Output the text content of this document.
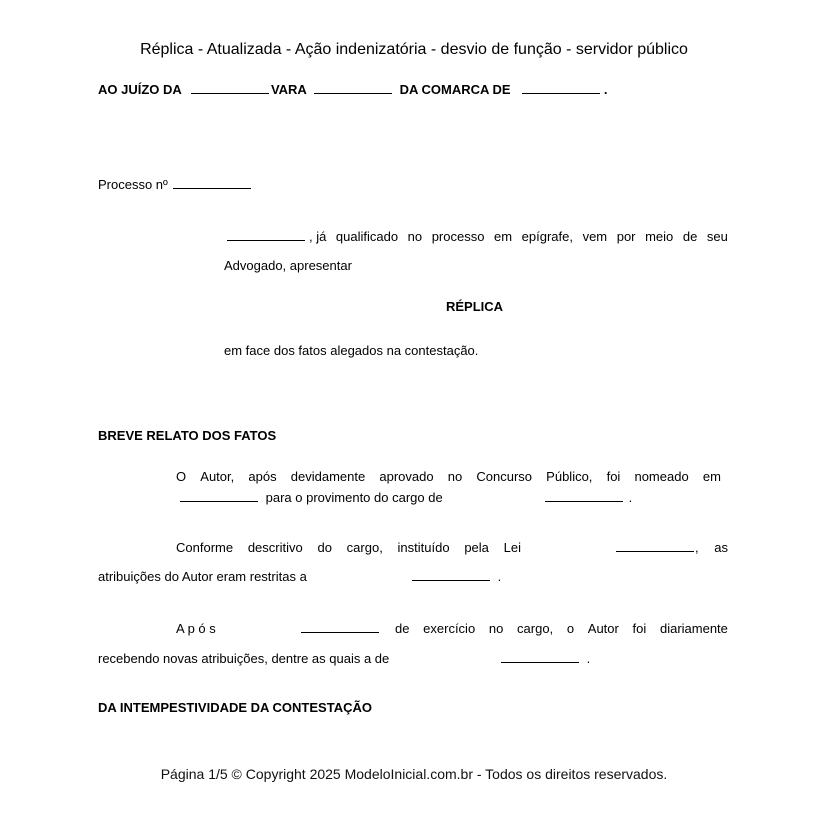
Réplica - Atualizada - Ação indenizatória - desvio de função - servidor público
AO JUÍZO DA	VARA	DA COMARCA DE	.
Processo nº
, já qualificado no processo em epígrafe, vem por meio de seu
Advogado, apresentar
RÉPLICA
em face dos fatos alegados na contestação.
BREVE RELATO DOS FATOS
O Autor, após devidamente aprovado no Concurso Público, foi nomeado em
para o provimento do cargo de	.
Conforme descritivo do cargo, instituído pela Lei	, as
atribuições do Autor eram restritas a	.
A p ó s	de exercício no cargo, o Autor foi diariamente
recebendo novas atribuições, dentre as quais a de	.
DA INTEMPESTIVIDADE DA CONTESTAÇÃO
Página 1/5 © Copyright 2025 ModeloInicial.com.br - Todos os direitos reservados.
